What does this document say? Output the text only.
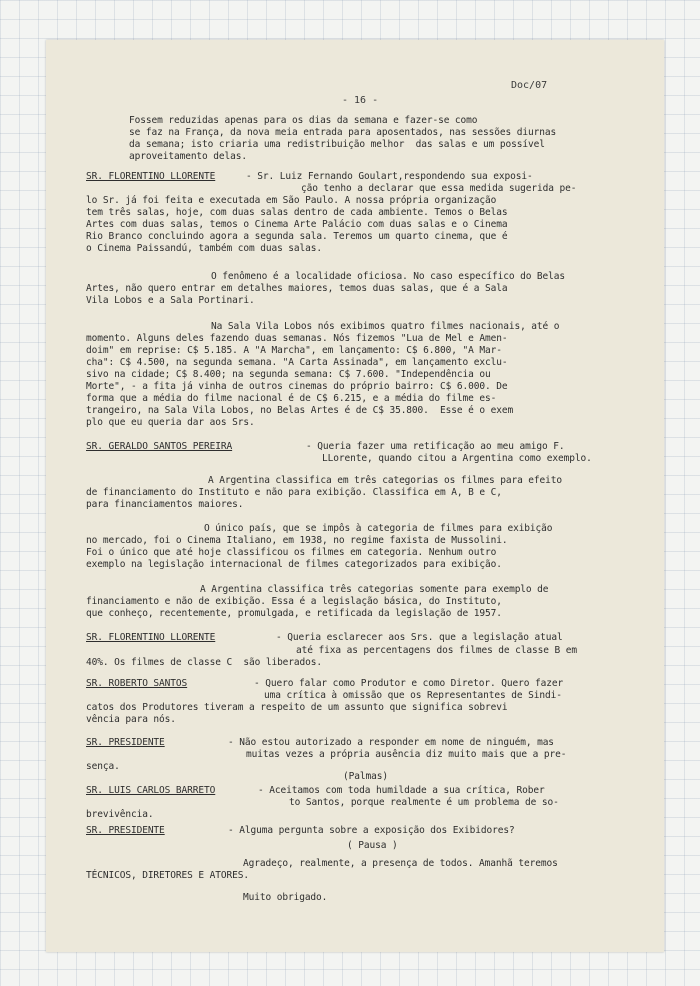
Doc/07
- 16 -
Fossem reduzidas apenas para os dias da semana e fazer-se como
se faz na França, da nova meia entrada para aposentados, nas sessões diurnas
da semana; isto criaria uma redistribuição melhor  das salas e um possível
aproveitamento delas.
SR. FLORENTINO LLORENTE	- Sr. Luiz Fernando Goulart,respondendo sua exposi-
ção tenho a declarar que essa medida sugerida pe-
lo Sr. já foi feita e executada em São Paulo. A nossa própria organização
tem três salas, hoje, com duas salas dentro de cada ambiente. Temos o Belas
Artes com duas salas, temos o Cinema Arte Palácio com duas salas e o Cinema
Rio Branco concluindo agora a segunda sala. Teremos um quarto cinema, que é
o Cinema Paissandú, também com duas salas.
O fenômeno é a localidade oficiosa. No caso específico do Belas
Artes, não quero entrar em detalhes maiores, temos duas salas, que é a Sala
Vila Lobos e a Sala Portinari.
Na Sala Vila Lobos nós exibimos quatro filmes nacionais, até o
momento. Alguns deles fazendo duas semanas. Nós fizemos "Lua de Mel e Amen-
doim" em reprise: C$ 5.185. A "A Marcha", em lançamento: C$ 6.800, "A Mar-
cha": C$ 4.500, na segunda semana. "A Carta Assinada", em lançamento exclu-
sivo na cidade; C$ 8.400; na segunda semana: C$ 7.600. "Independência ou
Morte", - a fita já vinha de outros cinemas do próprio bairro: C$ 6.000. De
forma que a média do filme nacional é de C$ 6.215, e a média do filme es-
trangeiro, na Sala Vila Lobos, no Belas Artes é de C$ 35.800.  Esse é o exem
plo que eu queria dar aos Srs.
SR. GERALDO SANTOS PEREIRA	- Queria fazer uma retificação ao meu amigo F.
LLorente, quando citou a Argentina como exemplo.
A Argentina classifica em três categorias os filmes para efeito
de financiamento do Instituto e não para exibição. Classifica em A, B e C,
para financiamentos maiores.
O único país, que se impôs à categoria de filmes para exibição
no mercado, foi o Cinema Italiano, em 1938, no regime faxista de Mussolini.
Foi o único que até hoje classificou os filmes em categoria. Nenhum outro
exemplo na legislação internacional de filmes categorizados para exibição.
A Argentina classifica três categorias somente para exemplo de
financiamento e não de exibição. Essa é a legislação básica, do Instituto,
que conheço, recentemente, promulgada, e retificada da legislação de 1957.
SR. FLORENTINO LLORENTE	- Queria esclarecer aos Srs. que a legislação atual
até fixa as percentagens dos filmes de classe B em
40%. Os filmes de classe C  são liberados.
SR. ROBERTO SANTOS	- Quero falar como Produtor e como Diretor. Quero fazer
uma crítica à omissão que os Representantes de Sindi-
catos dos Produtores tiveram a respeito de um assunto que significa sobrevi
vência para nós.
SR. PRESIDENTE	- Não estou autorizado a responder em nome de ninguém, mas
muitas vezes a própria ausência diz muito mais que a pre-
sença.
(Palmas)
SR. LUIS CARLOS BARRETO	- Aceitamos com toda humildade a sua crítica, Rober
to Santos, porque realmente é um problema de so-
brevivência.
SR. PRESIDENTE	- Alguma pergunta sobre a exposição dos Exibidores?
( Pausa )
Agradeço, realmente, a presença de todos. Amanhã teremos
TÉCNICOS, DIRETORES E ATORES.
Muito obrigado.
